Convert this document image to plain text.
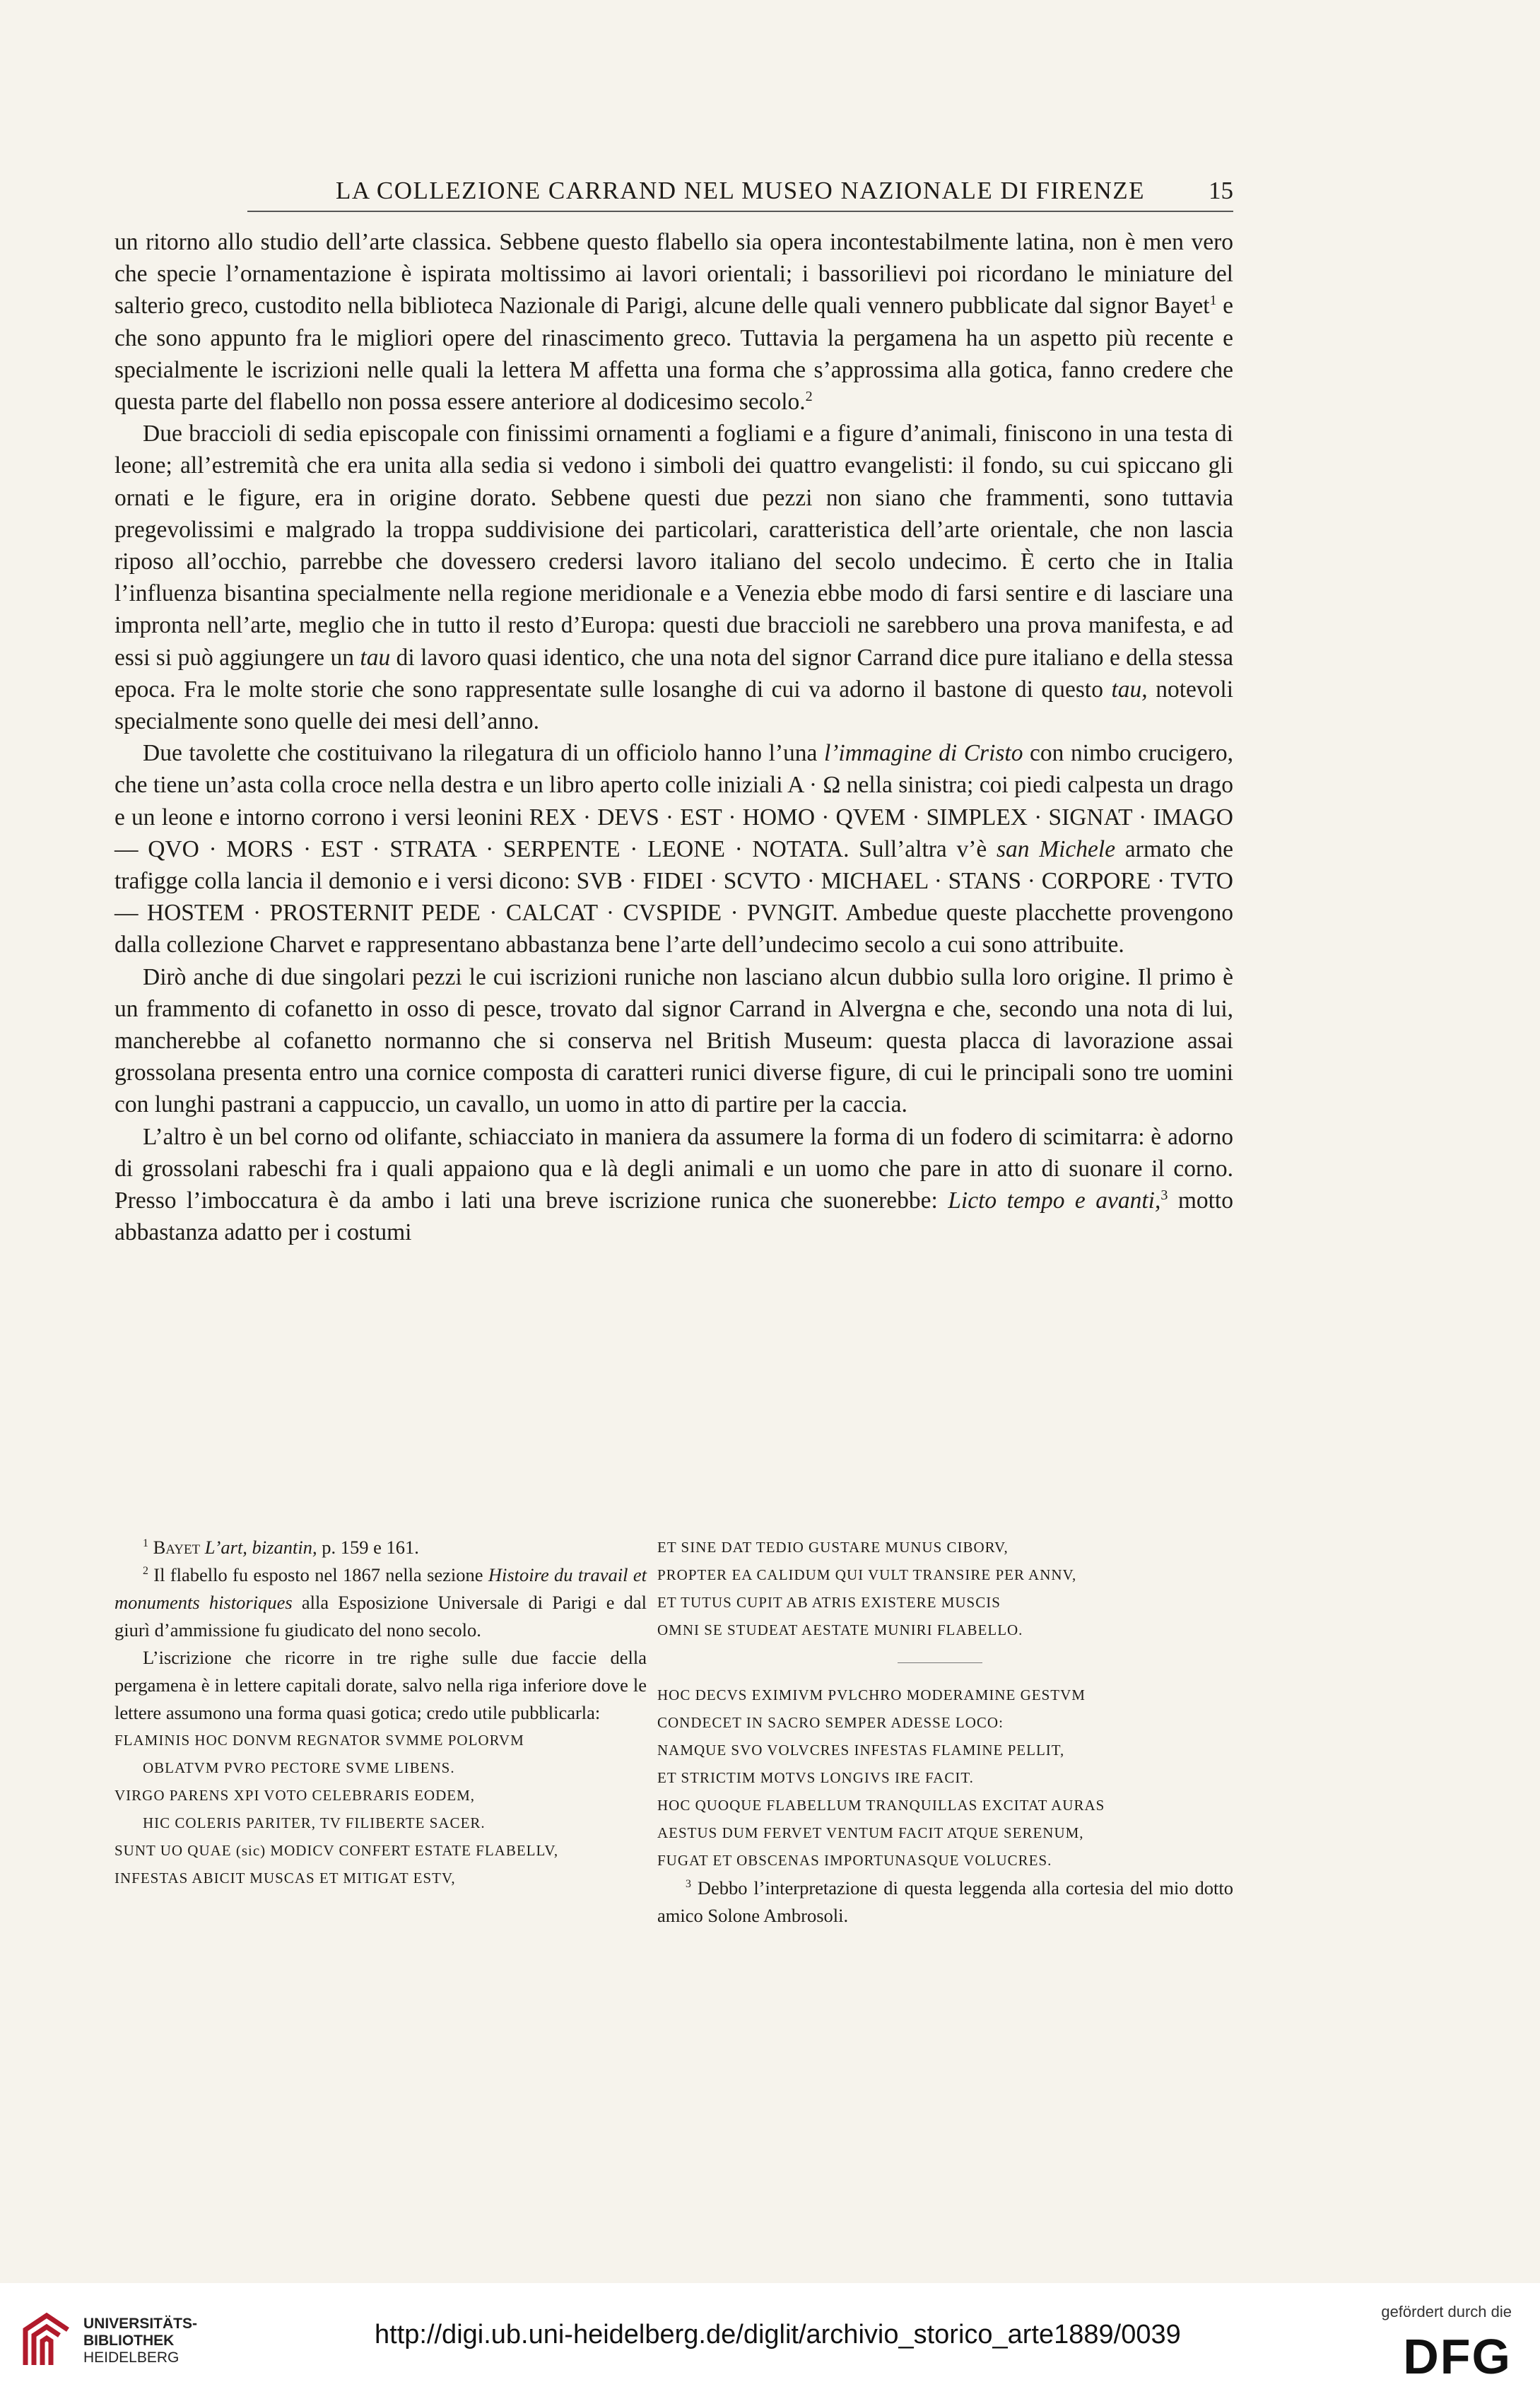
LA COLLEZIONE CARRAND NEL MUSEO NAZIONALE DI FIRENZE	15

un ritorno allo studio dell’arte classica. Sebbene questo flabello sia opera incontestabilmente latina, non è men vero che specie l’ornamentazione è ispirata moltissimo ai lavori orientali; i bassorilievi poi ricordano le miniature del salterio greco, custodito nella biblioteca Nazionale di Parigi, alcune delle quali vennero pubblicate dal signor Bayet$^1$ e che sono appunto fra le migliori opere del rinascimento greco. Tuttavia la pergamena ha un aspetto più recente e specialmente le iscrizioni nelle quali la lettera M affetta una forma che s’approssima alla gotica, fanno credere che questa parte del flabello non possa essere anteriore al dodicesimo secolo.$^2$

Due braccioli di sedia episcopale con finissimi ornamenti a fogliami e a figure d’animali, finiscono in una testa di leone; all’estremità che era unita alla sedia si vedono i simboli dei quattro evangelisti: il fondo, su cui spiccano gli ornati e le figure, era in origine dorato. Sebbene questi due pezzi non siano che frammenti, sono tuttavia pregevolissimi e malgrado la troppa suddivisione dei particolari, caratteristica dell’arte orientale, che non lascia riposo all’occhio, parrebbe che dovessero credersi lavoro italiano del secolo undecimo. È certo che in Italia l’influenza bisantina specialmente nella regione meridionale e a Venezia ebbe modo di farsi sentire e di lasciare una impronta nell’arte, meglio che in tutto il resto d’Europa: questi due braccioli ne sarebbero una prova manifesta, e ad essi si può aggiungere un tau di lavoro quasi identico, che una nota del signor Carrand dice pure italiano e della stessa epoca. Fra le molte storie che sono rappresentate sulle losanghe di cui va adorno il bastone di questo tau, notevoli specialmente sono quelle dei mesi dell’anno.

Due tavolette che costituivano la rilegatura di un officiolo hanno l’una l’immagine di Cristo con nimbo crucigero, che tiene un’asta colla croce nella destra e un libro aperto colle iniziali A · Ω nella sinistra; coi piedi calpesta un drago e un leone e intorno corrono i versi leonini REX · DEVS · EST · HOMO · QVEM · SIMPLEX · SIGNAT · IMAGO — QVO · MORS · EST · STRATA · SERPENTE · LEONE · NOTATA. Sull’altra v’è san Michele armato che trafigge colla lancia il demonio e i versi dicono: SVB · FIDEI · SCVTO · MICHAEL · STANS · CORPORE · TVTO — HOSTEM · PROSTERNIT PEDE · CALCAT · CVSPIDE · PVNGIT. Ambedue queste placchette provengono dalla collezione Charvet e rappresentano abbastanza bene l’arte dell’undecimo secolo a cui sono attribuite.

Dirò anche di due singolari pezzi le cui iscrizioni runiche non lasciano alcun dubbio sulla loro origine. Il primo è un frammento di cofanetto in osso di pesce, trovato dal signor Carrand in Alvergna e che, secondo una nota di lui, mancherebbe al cofanetto normanno che si conserva nel British Museum: questa placca di lavorazione assai grossolana presenta entro una cornice composta di caratteri runici diverse figure, di cui le principali sono tre uomini con lunghi pastrani a cappuccio, un cavallo, un uomo in atto di partire per la caccia.

L’altro è un bel corno od olifante, schiacciato in maniera da assumere la forma di un fodero di scimitarra: è adorno di grossolani rabeschi fra i quali appaiono qua e là degli animali e un uomo che pare in atto di suonare il corno. Presso l’imboccatura è da ambo i lati una breve iscrizione runica che suonerebbe: Licto tempo e avanti,$^3$ motto abbastanza adatto per i costumi

$^1$ Bayet L’art, bizantin, p. 159 e 161.

$^2$ Il flabello fu esposto nel 1867 nella sezione Histoire du travail et monuments historiques alla Esposizione Universale di Parigi e dal giurì d’ammissione fu giudicato del nono secolo.

L’iscrizione che ricorre in tre righe sulle due faccie della pergamena è in lettere capitali dorate, salvo nella riga inferiore dove le lettere assumono una forma quasi gotica; credo utile pubblicarla:

FLAMINIS HOC DONVM REGNATOR SVMME POLORVM
OBLATVM PVRO PECTORE SVME LIBENS.
VIRGO PARENS XPI VOTO CELEBRARIS EODEM,
HIC COLERIS PARITER, TV FILIBERTE SACER.
SUNT UO QUAE (sic) MODICV CONFERT ESTATE FLABELLV,
INFESTAS ABICIT MUSCAS ET MITIGAT ESTV,
ET SINE DAT TEDIO GUSTARE MUNUS CIBORV,
PROPTER EA CALIDUM QUI VULT TRANSIRE PER ANNV,
ET TUTUS CUPIT AB ATRIS EXISTERE MUSCIS
OMNI SE STUDEAT AESTATE MUNIRI FLABELLO.
HOC DECVS EXIMIVM PVLCHRO MODERAMINE GESTVM
CONDECET IN SACRO SEMPER ADESSE LOCO:
NAMQUE SVO VOLVCRES INFESTAS FLAMINE PELLIT,
ET STRICTIM MOTVS LONGIVS IRE FACIT.
HOC QUOQUE FLABELLUM TRANQUILLAS EXCITAT AURAS
AESTUS DUM FERVET VENTUM FACIT ATQUE SERENUM,
FUGAT ET OBSCENAS IMPORTUNASQUE VOLUCRES.

$^3$ Debbo l’interpretazione di questa leggenda alla cortesia del mio dotto amico Solone Ambrosoli.

UNIVERSITÄTS-
BIBLIOTHEK
HEIDELBERG
http://digi.ub.uni-heidelberg.de/diglit/archivio_storico_arte1889/0039
gefördert durch die
DFG
